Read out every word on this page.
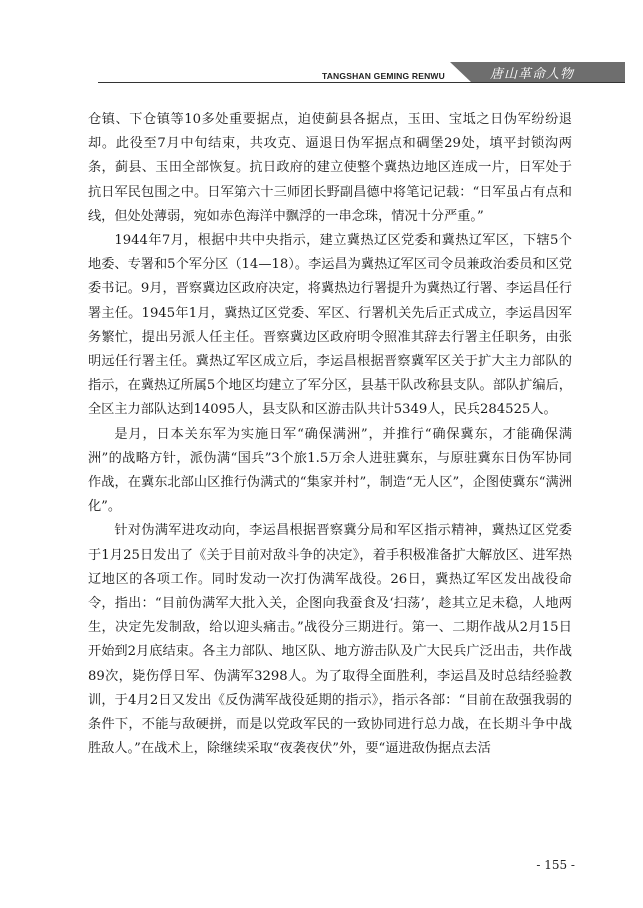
TANGSHAN GEMING RENWU	唐山革命人物

仓镇、下仓镇等10多处重要据点，迫使蓟县各据点，玉田、宝坻之日伪军纷纷退却。此役至7月中旬结束，共攻克、逼退日伪军据点和碉堡29处，填平封锁沟两条，蓟县、玉田全部恢复。抗日政府的建立使整个冀热边地区连成一片，日军处于抗日军民包围之中。日军第六十三师团长野副昌德中将笔记记载：“日军虽占有点和线，但处处薄弱，宛如赤色海洋中飘浮的一串念珠，情况十分严重。”

1944年7月，根据中共中央指示，建立冀热辽区党委和冀热辽军区，下辖5个地委、专署和5个军分区（14—18）。李运昌为冀热辽军区司令员兼政治委员和区党委书记。9月，晋察冀边区政府决定，将冀热边行署提升为冀热辽行署、李运昌任行署主任。1945年1月，冀热辽区党委、军区、行署机关先后正式成立，李运昌因军务繁忙，提出另派人任主任。晋察冀边区政府明令照准其辞去行署主任职务，由张明远任行署主任。冀热辽军区成立后，李运昌根据晋察冀军区关于扩大主力部队的指示，在冀热辽所属5个地区均建立了军分区，县基干队改称县支队。部队扩编后，全区主力部队达到14095人，县支队和区游击队共计5349人，民兵284525人。

是月，日本关东军为实施日军“确保满洲”，并推行“确保冀东，才能确保满洲”的战略方针，派伪满“国兵”3个旅1.5万余人进驻冀东，与原驻冀东日伪军协同作战，在冀东北部山区推行伪满式的“集家并村”，制造“无人区”，企图使冀东“满洲化”。

针对伪满军进攻动向，李运昌根据晋察冀分局和军区指示精神，冀热辽区党委于1月25日发出了《关于目前对敌斗争的决定》，着手积极准备扩大解放区、进军热辽地区的各项工作。同时发动一次打伪满军战役。26日，冀热辽军区发出战役命令，指出：“目前伪满军大批入关，企图向我蚕食及‘扫荡’，趁其立足未稳，人地两生，决定先发制敌，给以迎头痛击。”战役分三期进行。第一、二期作战从2月15日开始到2月底结束。各主力部队、地区队、地方游击队及广大民兵广泛出击，共作战89次，毙伤俘日军、伪满军3298人。为了取得全面胜利，李运昌及时总结经验教训，于4月2日又发出《反伪满军战役延期的指示》，指示各部：“目前在敌强我弱的条件下，不能与敌硬拼，而是以党政军民的一致协同进行总力战，在长期斗争中战胜敌人。”在战术上，除继续采取“夜袭夜伏”外，要“逼进敌伪据点去活

- 155 -
